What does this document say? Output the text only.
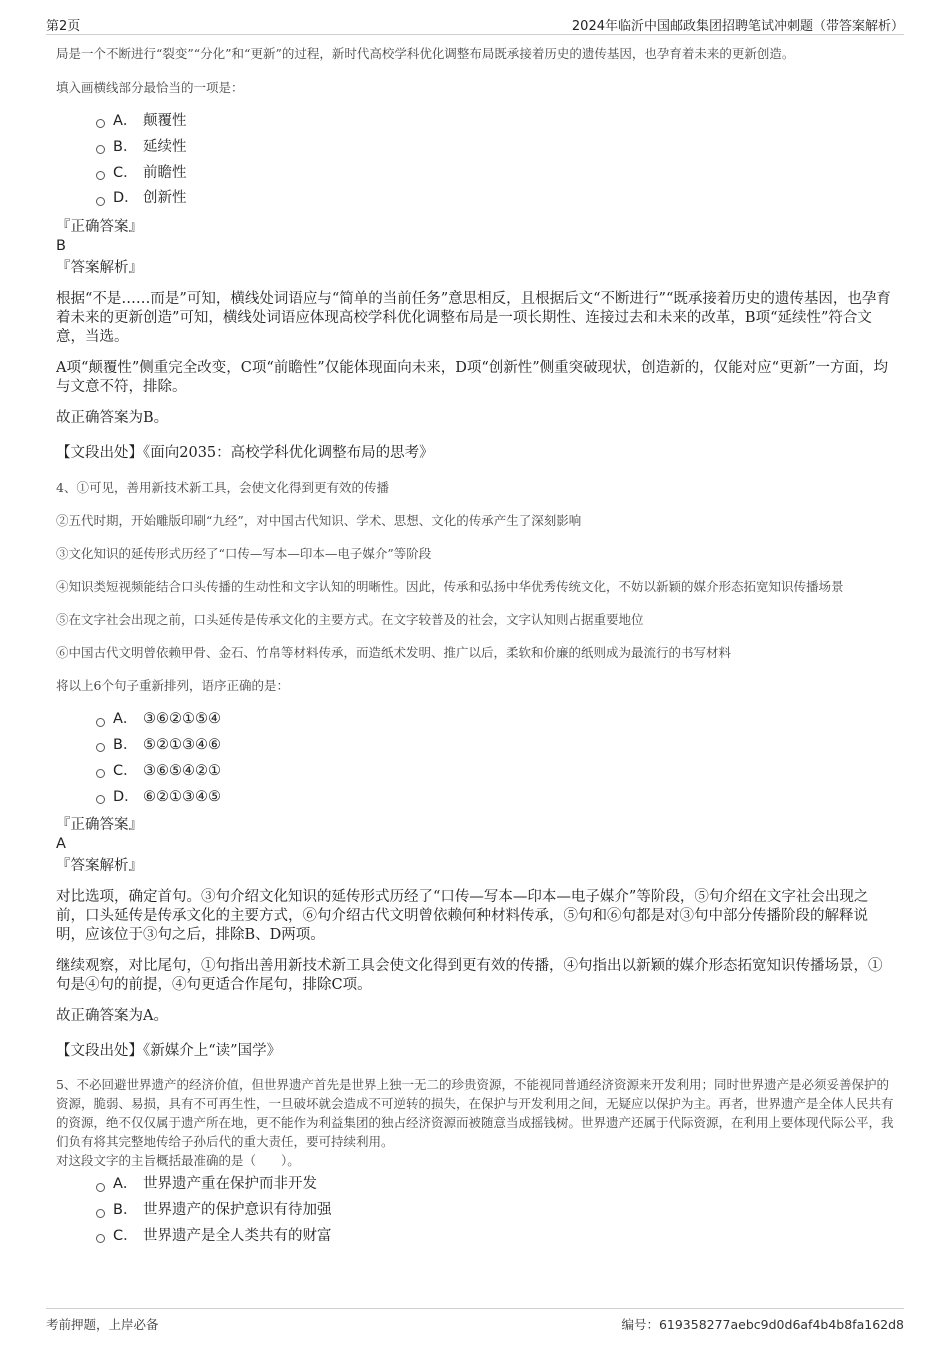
第2页	2024年临沂中国邮政集团招聘笔试冲刺题（带答案解析）

局是一个不断进行“裂变”“分化”和“更新”的过程，新时代高校学科优化调整布局既承接着历史的遗传基因，也孕育着未来的更新创造。

填入画横线部分最恰当的一项是：

A． 颠覆性
B． 延续性
C． 前瞻性
D． 创新性

『正确答案』

B

『答案解析』

根据“不是……而是”可知，横线处词语应与“简单的当前任务”意思相反，且根据后文“不断进行”“既承接着历史的遗传基因，也孕育着未来的更新创造”可知，横线处词语应体现高校学科优化调整布局是一项长期性、连接过去和未来的改革，B项“延续性”符合文意，当选。

A项“颠覆性”侧重完全改变，C项“前瞻性”仅能体现面向未来，D项“创新性”侧重突破现状，创造新的，仅能对应“更新”一方面，均与文意不符，排除。

故正确答案为B。

【文段出处】《面向2035：高校学科优化调整布局的思考》

4、①可见，善用新技术新工具，会使文化得到更有效的传播

②五代时期，开始雕版印刷“九经”，对中国古代知识、学术、思想、文化的传承产生了深刻影响

③文化知识的延传形式历经了“口传—写本—印本—电子媒介”等阶段

④知识类短视频能结合口头传播的生动性和文字认知的明晰性。因此，传承和弘扬中华优秀传统文化，不妨以新颖的媒介形态拓宽知识传播场景

⑤在文字社会出现之前，口头延传是传承文化的主要方式。在文字较普及的社会，文字认知则占据重要地位

⑥中国古代文明曾依赖甲骨、金石、竹帛等材料传承，而造纸术发明、推广以后，柔软和价廉的纸则成为最流行的书写材料

将以上6个句子重新排列，语序正确的是：

A． ③⑥②①⑤④
B． ⑤②①③④⑥
C． ③⑥⑤④②①
D． ⑥②①③④⑤

『正确答案』

A

『答案解析』

对比选项，确定首句。③句介绍文化知识的延传形式历经了“口传—写本—印本—电子媒介”等阶段，⑤句介绍在文字社会出现之前，口头延传是传承文化的主要方式，⑥句介绍古代文明曾依赖何种材料传承，⑤句和⑥句都是对③句中部分传播阶段的解释说明，应该位于③句之后，排除B、D两项。

继续观察，对比尾句，①句指出善用新技术新工具会使文化得到更有效的传播，④句指出以新颖的媒介形态拓宽知识传播场景，①句是④句的前提，④句更适合作尾句，排除C项。

故正确答案为A。

【文段出处】《新媒介上“读”国学》

5、不必回避世界遗产的经济价值，但世界遗产首先是世界上独一无二的珍贵资源，不能视同普通经济资源来开发利用；同时世界遗产是必须妥善保护的资源，脆弱、易损，具有不可再生性，一旦破坏就会造成不可逆转的损失，在保护与开发利用之间，无疑应以保护为主。再者，世界遗产是全体人民共有的资源，绝不仅仅属于遗产所在地，更不能作为利益集团的独占经济资源而被随意当成摇钱树。世界遗产还属于代际资源，在利用上要体现代际公平，我们负有将其完整地传给子孙后代的重大责任，要可持续利用。

对这段文字的主旨概括最准确的是（　　）。

A． 世界遗产重在保护而非开发
B． 世界遗产的保护意识有待加强
C． 世界遗产是全人类共有的财富
考前押题，上岸必备	编号：619358277aebc9d0d6af4b4b8fa162d8
